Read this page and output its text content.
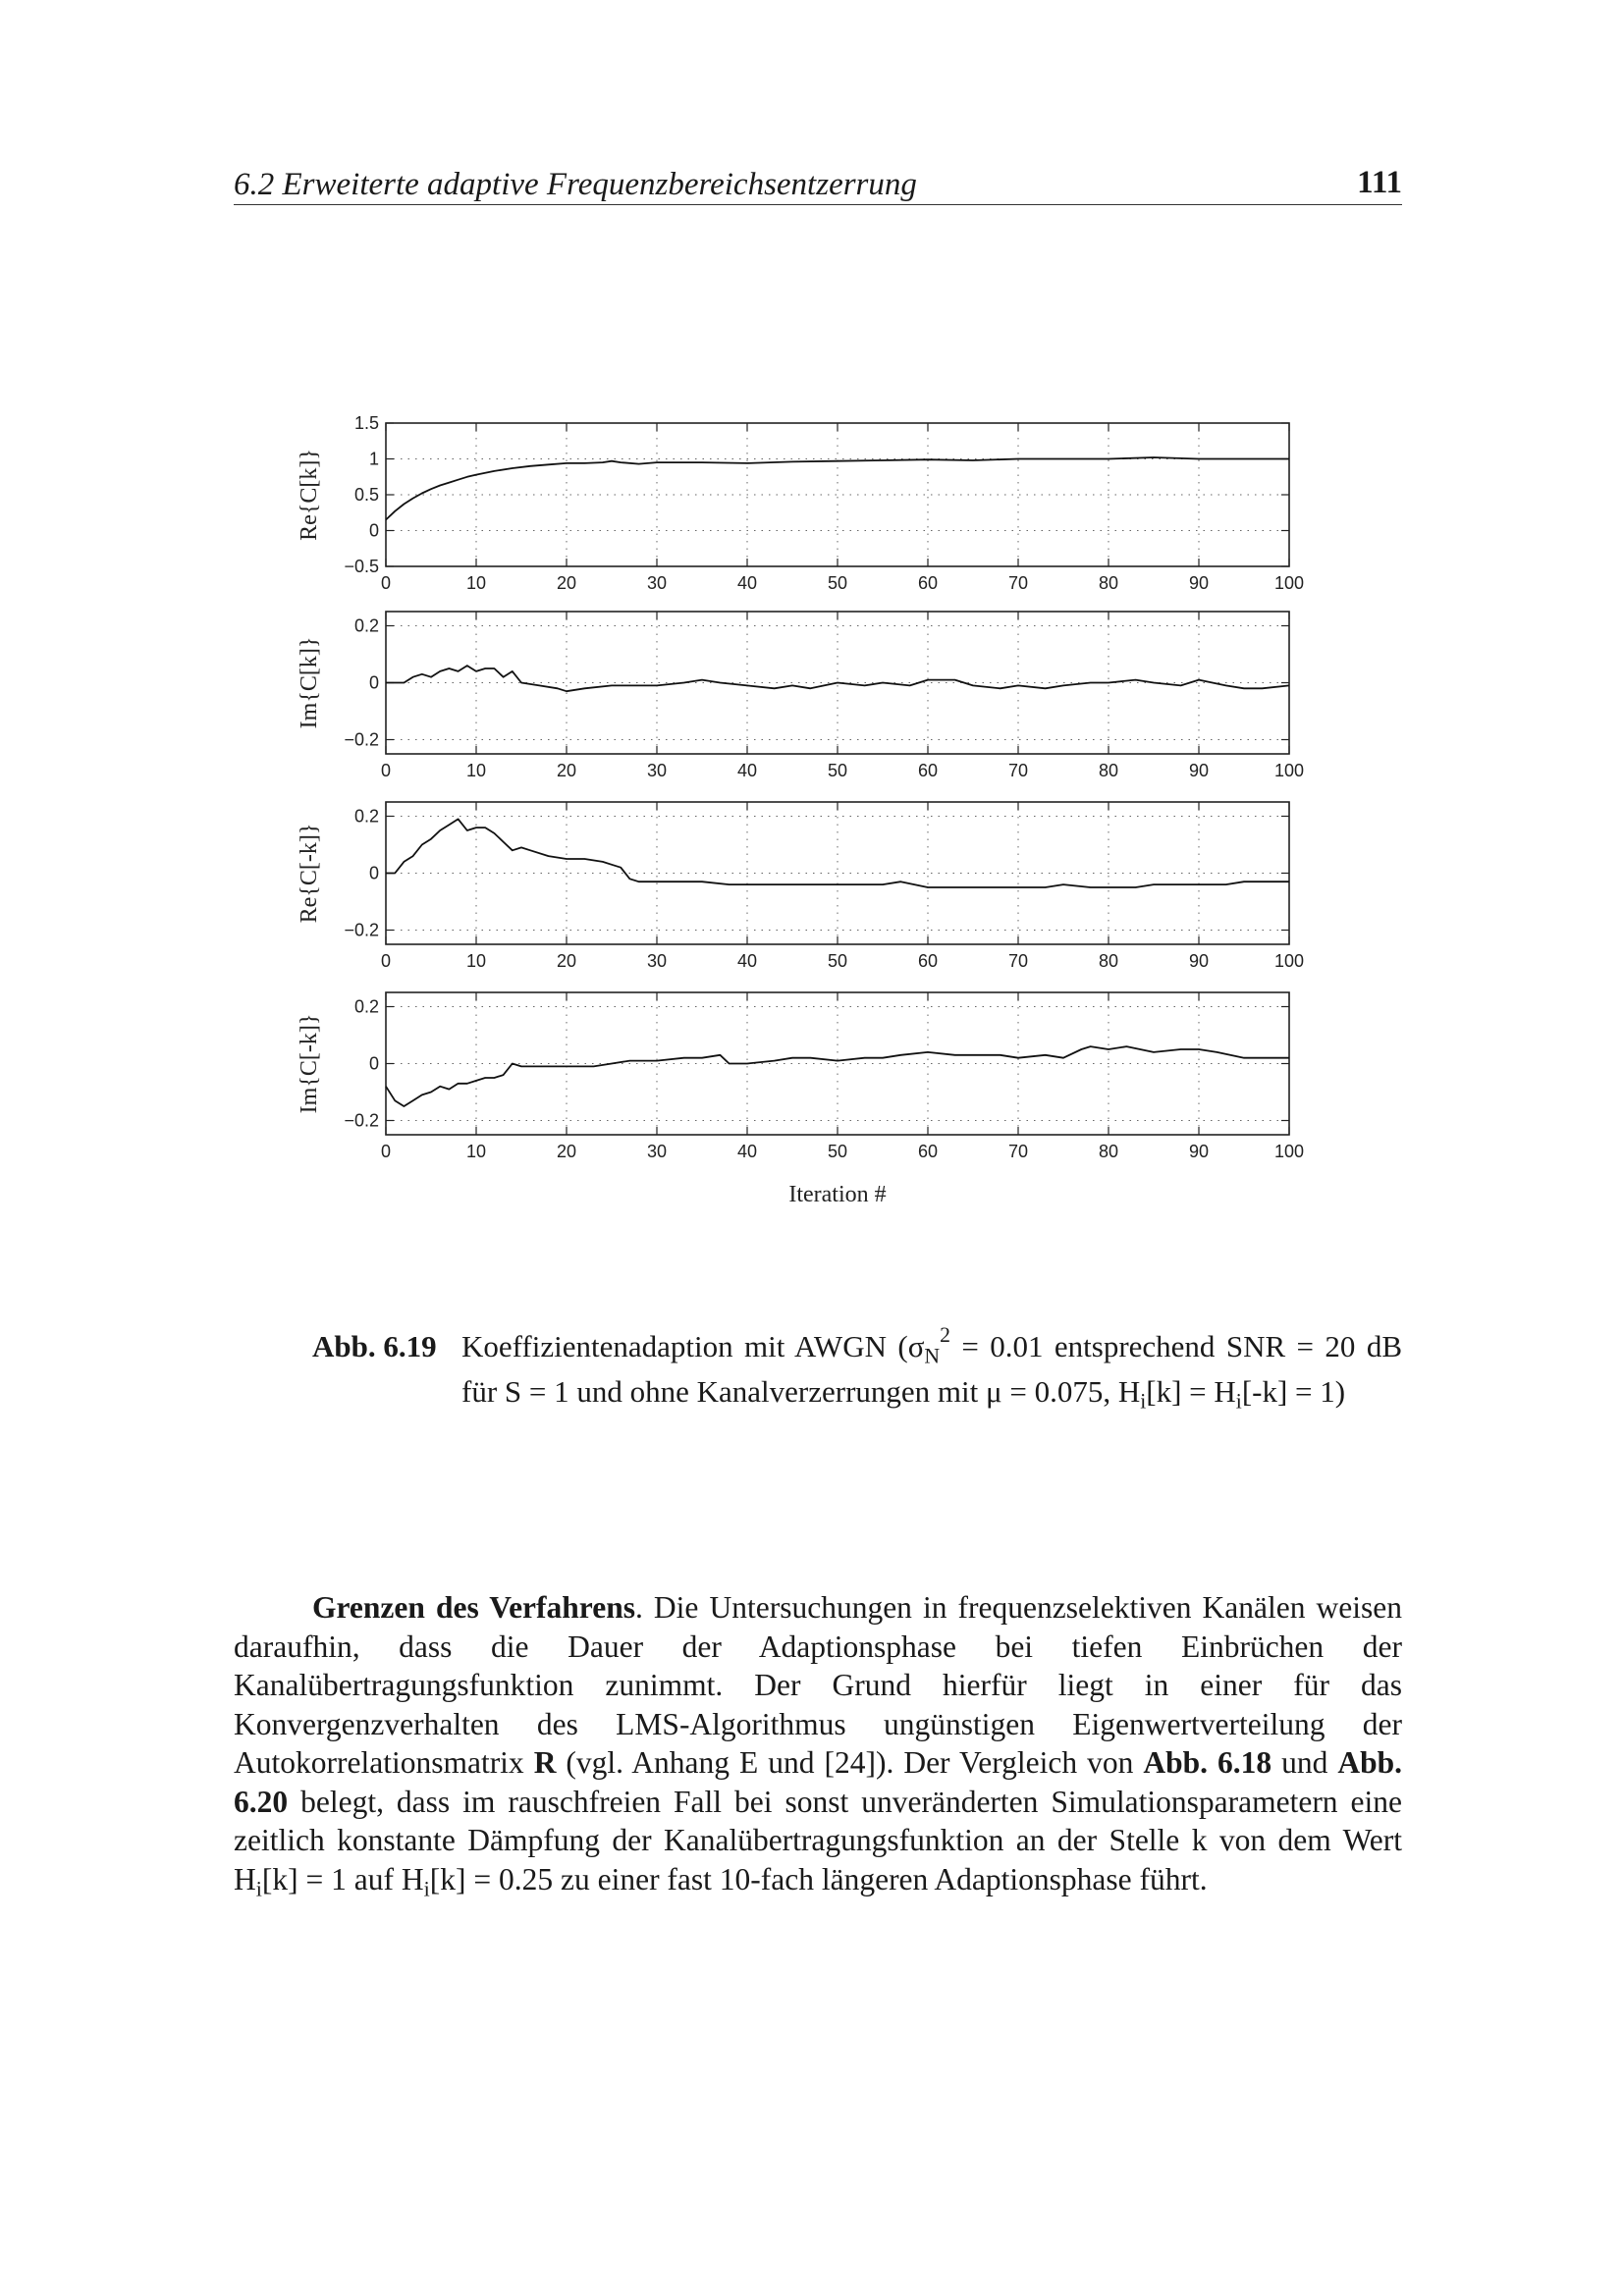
6.2 Erweiterte adaptive Frequenzbereichsentzerrung	111
0	10	20	30	40	50	60	70	80	90	100
−0.5
0
0.5
1
1.5
Re{C[k]}
0	10	20	30	40	50	60	70	80	90	100
−0.2
0
0.2
Im{C[k]}
0	10	20	30	40	50	60	70	80	90	100
−0.2
0
0.2
Re{C[-k]}
0	10	20	30	40	50	60	70	80	90	100
−0.2
0
0.2
Im{C[-k]}
Iteration #
Abb. 6.19 Koeffizientenadaption mit AWGN ($\sigma_N^2 = 0.01$ entsprechend SNR = 20 dB für S = 1 und ohne Kanalverzerrungen mit μ = 0.075, $H_i[k] = H_i[-k] = 1$)

Grenzen des Verfahrens. Die Untersuchungen in frequenzselektiven Kanälen weisen daraufhin, dass die Dauer der Adaptionsphase bei tiefen Einbrüchen der Kanalübertragungsfunktion zunimmt. Der Grund hierfür liegt in einer für das Konvergenzverhalten des LMS-Algorithmus ungünstigen Eigenwertverteilung der Autokorrelationsmatrix R (vgl. Anhang E und [24]). Der Vergleich von Abb. 6.18 und Abb. 6.20 belegt, dass im rauschfreien Fall bei sonst unveränderten Simulationsparametern eine zeitlich konstante Dämpfung der Kanalübertragungsfunktion an der Stelle k von dem Wert $H_i[k] = 1$ auf $H_i[k] = 0.25$ zu einer fast 10-fach längeren Adaptionsphase führt.
